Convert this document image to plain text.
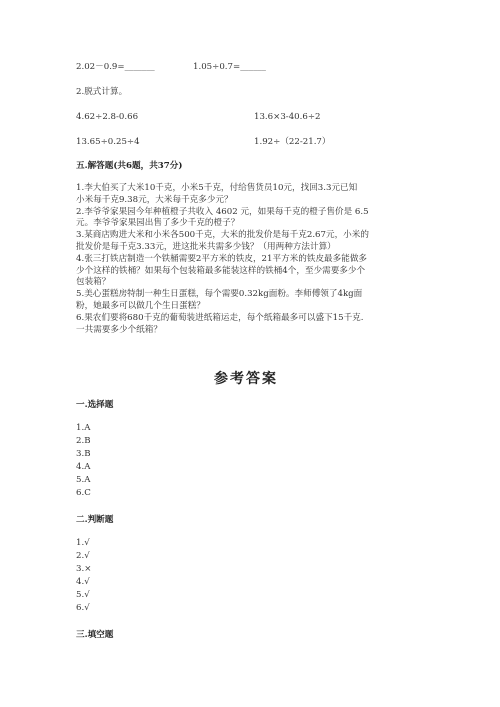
2.02－0.9=_______	1.05÷0.7=______
2.脱式计算。
4.62÷2.8-0.66	13.6×3-40.6÷2
13.65÷0.25÷4	1.92÷（22-21.7）
五.解答题(共6题，共37分)
1.李大伯买了大米10千克，小米5千克，付给售货员10元，找回3.3元已知
小米每千克9.38元，大米每千克多少元？
2.李爷爷家果园今年种植橙子共收入 4602 元，如果每千克的橙子售价是 6.5
元。李爷爷家果园出售了多少千克的橙子？
3.某商店购进大米和小米各500千克，大米的批发价是每千克2.67元，小米的
批发价是每千克3.33元，进这批米共需多少钱？（用两种方法计算）
4.张三打铁店制造一个铁桶需要2平方米的铁皮，21平方米的铁皮最多能做多
少个这样的铁桶？如果每个包装箱最多能装这样的铁桶4个，至少需要多少个
包装箱？
5.美心蛋糕房特制一种生日蛋糕，每个需要0.32kg面粉。李师傅领了4kg面
粉，她最多可以做几个生日蛋糕？
6.果农们要将680千克的葡萄装进纸箱运走，每个纸箱最多可以盛下15千克.
一共需要多少个纸箱？
参考答案
一.选择题
1.A
2.B
3.B
4.A
5.A
6.C
二.判断题
1.√
2.√
3.×
4.√
5.√
6.√
三.填空题
